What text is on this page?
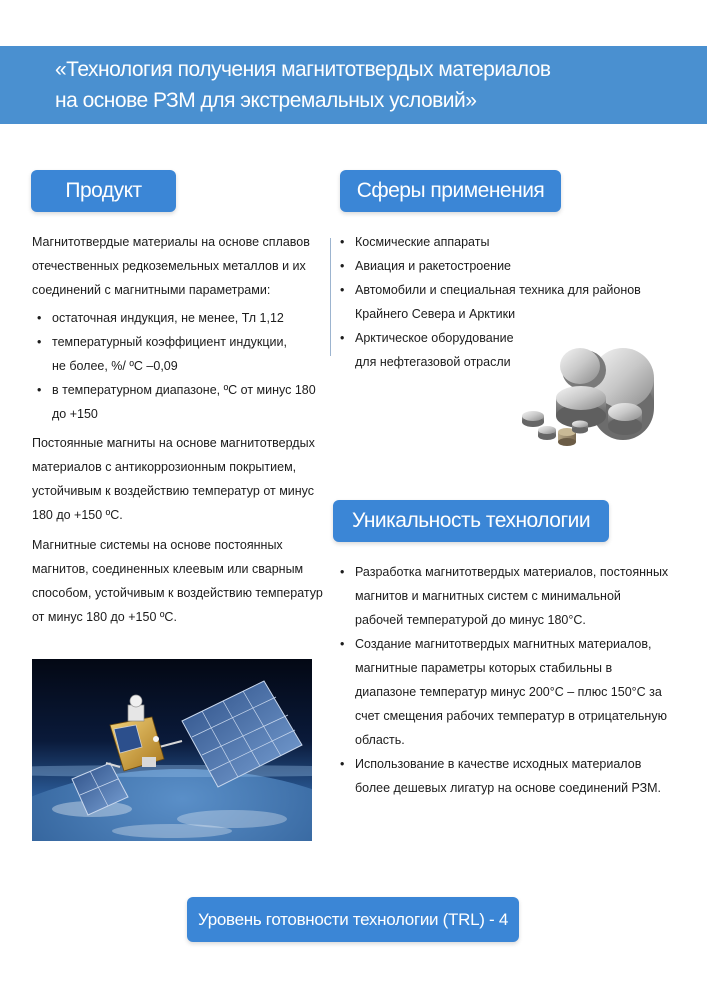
«Технология получения магнитотвердых материалов
на основе РЗМ для экстремальных условий»
Продукт	Сферы применения
Уникальность технологии
Магнитотвердые материалы на основе сплавов
отечественных редкоземельных металлов и их
соединений с магнитными параметрами:
• остаточная индукция, не менее, Тл 1,12
• температурный коэффициент индукции,
не более, %/ ºС –0,09
• в температурном диапазоне, ºС от минус 180
до +150
Постоянные магниты на основе магнитотвердых
материалов с антикоррозионным покрытием,
устойчивым к воздействию температур от минус
180 до +150 ºС.
Магнитные системы на основе постоянных
магнитов, соединенных клеевым или сварным
способом, устойчивым к воздействию температур
от минус 180 до +150 ºС.
• Космические аппараты
• Авиация и ракетостроение
• Автомобили и специальная техника для районов
Крайнего Севера и Арктики
• Арктическое оборудование
для нефтегазовой отрасли
• Разработка магнитотвердых материалов, постоянных
магнитов и магнитных систем с минимальной
рабочей температурой до минус 180°С.
• Создание магнитотвердых магнитных материалов,
магнитные параметры которых стабильны в
диапазоне температур минус 200°С – плюс 150°С за
счет смещения рабочих температур в отрицательную
область.
• Использование в качестве исходных материалов
более дешевых лигатур на основе соединений РЗМ.
Уровень готовности технологии (TRL) - 4
